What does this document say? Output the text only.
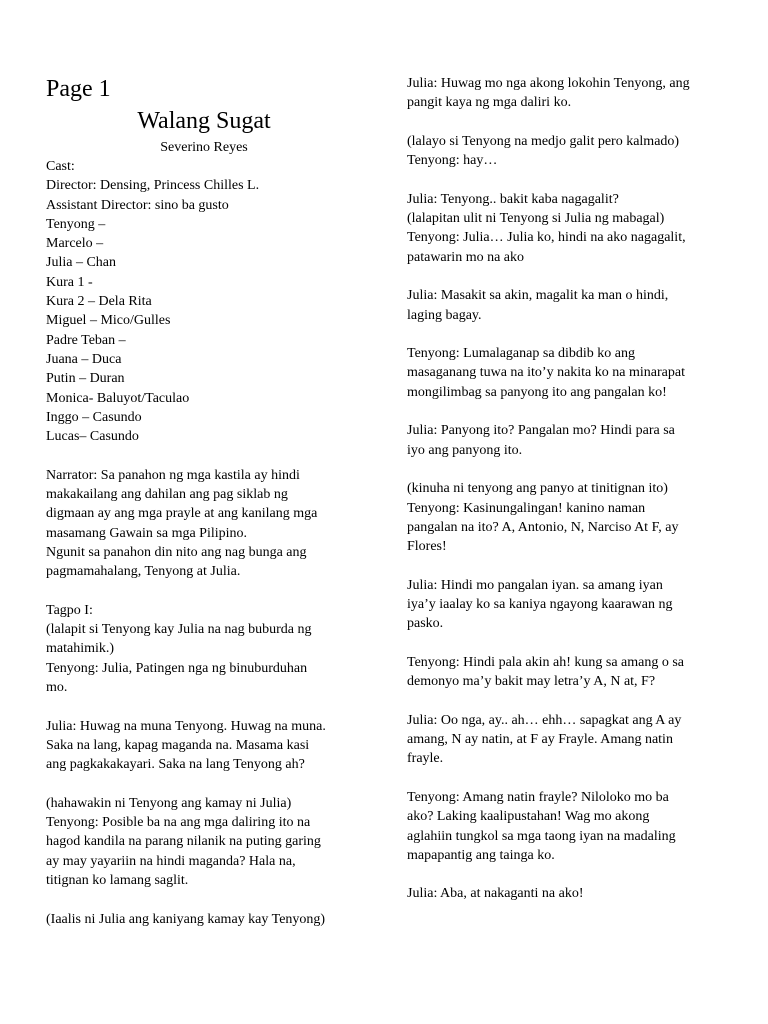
Page 1
Walang Sugat
Severino Reyes
Cast:
Director: Densing, Princess Chilles L.
Assistant Director: sino ba gusto
Tenyong –
Marcelo –
Julia – Chan
Kura 1 -
Kura 2 – Dela Rita
Miguel – Mico/Gulles
Padre Teban –
Juana – Duca
Putin – Duran
Monica- Baluyot/Taculao
Inggo – Casundo
Lucas– Casundo
Narrator: Sa panahon ng mga kastila ay hindi
makakailang ang dahilan ang pag siklab ng
digmaan ay ang mga prayle at ang kanilang mga
masamang Gawain sa mga Pilipino.
Ngunit sa panahon din nito ang nag bunga ang
pagmamahalang, Tenyong at Julia.
Tagpo I:
(lalapit si Tenyong kay Julia na nag buburda ng
matahimik.)
Tenyong: Julia, Patingen nga ng binuburduhan
mo.
Julia: Huwag na muna Tenyong. Huwag na muna.
Saka na lang, kapag maganda na. Masama kasi
ang pagkakakayari. Saka na lang Tenyong ah?
(hahawakin ni Tenyong ang kamay ni Julia)
Tenyong: Posible ba na ang mga daliring ito na
hagod kandila na parang nilanik na puting garing
ay may yayariin na hindi maganda? Hala na,
titignan ko lamang saglit.
(Iaalis ni Julia ang kaniyang kamay kay Tenyong)
Julia: Huwag mo nga akong lokohin Tenyong, ang
pangit kaya ng mga daliri ko.
(lalayo si Tenyong na medjo galit pero kalmado)
Tenyong: hay…
Julia: Tenyong.. bakit kaba nagagalit?
(lalapitan ulit ni Tenyong si Julia ng mabagal)
Tenyong: Julia… Julia ko, hindi na ako nagagalit,
patawarin mo na ako
Julia: Masakit sa akin, magalit ka man o hindi,
laging bagay.
Tenyong: Lumalaganap sa dibdib ko ang
masaganang tuwa na ito’y nakita ko na minarapat
mongilimbag sa panyong ito ang pangalan ko!
Julia: Panyong ito? Pangalan mo? Hindi para sa
iyo ang panyong ito.
(kinuha ni tenyong ang panyo at tinitignan ito)
Tenyong: Kasinungalingan! kanino naman
pangalan na ito? A, Antonio, N, Narciso At F, ay
Flores!
Julia: Hindi mo pangalan iyan. sa amang iyan
iya’y iaalay ko sa kaniya ngayong kaarawan ng
pasko.
Tenyong: Hindi pala akin ah! kung sa amang o sa
demonyo ma’y bakit may letra’y A, N at, F?
Julia: Oo nga, ay.. ah… ehh… sapagkat ang A ay
amang, N ay natin, at F ay Frayle. Amang natin
frayle.
Tenyong: Amang natin frayle? Niloloko mo ba
ako? Laking kaalipustahan! Wag mo akong
aglahiin tungkol sa mga taong iyan na madaling
mapapantig ang tainga ko.
Julia: Aba, at nakaganti na ako!
